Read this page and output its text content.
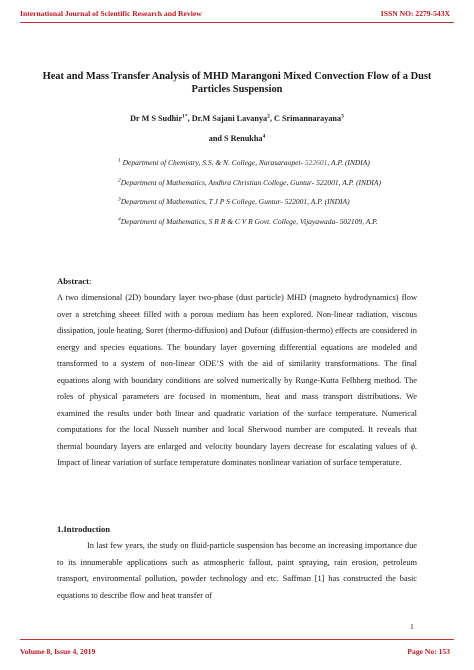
International Journal of Scientific Research and Review	ISSN NO: 2279-543X
Heat and Mass Transfer Analysis of MHD Marangoni Mixed Convection Flow of a Dust Particles Suspension
Dr M S Sudhir$^{1*}$, Dr.M Sajani Lavanya$^2$, C Srimannarayana$^3$
and S Renukha$^4$
$^1$ Department of Chemistry, S.S. & N. College, Narasaraopet- 522601, A.P. (INDIA)
$^2$Department of Mathematics, Andhra Christian College, Guntur- 522001, A.P. (INDIA)
$^3$Department of Mathematics, T J P S College, Guntur- 522001, A.P. (INDIA)
$^4$Department of Mathematics, S R R & C V R Govt. College, Vijayawada- 502109, A.P.
Abstract:
A two dimensional (2D) boundary layer two-phase (dust particle) MHD (magneto hydrodynamics) flow over a stretching sheeet filled with a porous medium has been explored. Non-linear radiation, viscous dissipation, joule heating, Soret (thermo-diffusion) and Dufour (diffusion-thermo) effects are considered in energy and species equations. The boundary layer governing differential equations are modeled and transformed to a system of non-linear ODE’S with the aid of similarity transformations. The final equations along with boundary conditions are solved numerically by Runge-Kutta Felhberg method. The roles of physical parameters are focused in momentum, heat and mass transport distributions. We examined the results under both linear and quadratic variation of the surface temperature. Numerical computations for the local Nusselt number and local Sherwood number are computed. It reveals that thermal boundary layers are enlarged and velocity boundary layers decrease for escalating values of ϕ. Impact of linear variation of surface temperature dominates nonlinear variation of surface temperature.
1.Introduction
In last few years, the study on fluid-particle suspension has become an increasing importance due to its innumerable applications such as atmospheric fallout, paint spraying, rain erosion, petroleum transport, environmental pollution, powder technology and etc. Saffman [1] has constructed the basic equations to describe flow and heat transfer of
1
Volume 8, Issue 4, 2019	Page No: 153
